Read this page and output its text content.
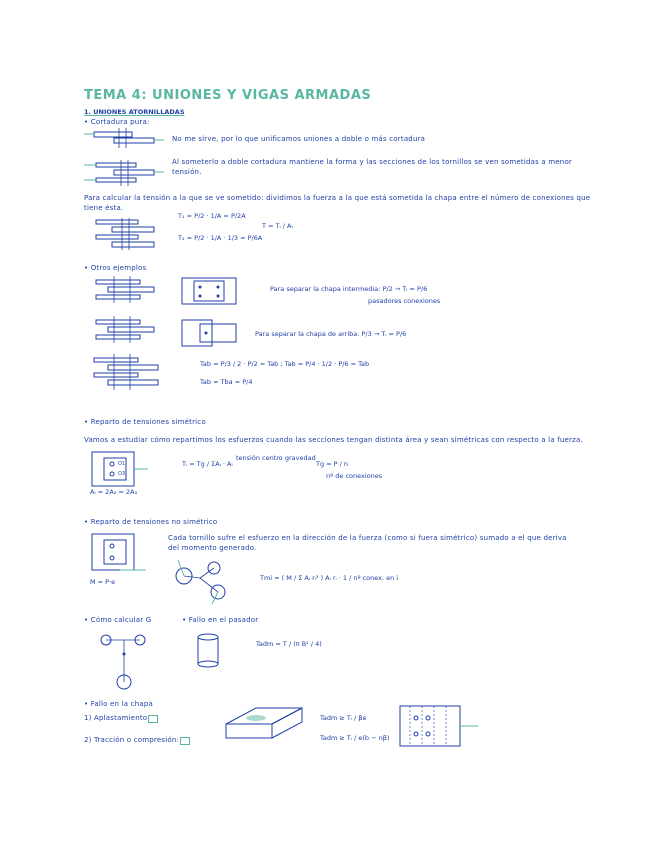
TEMA 4: UNIONES Y VIGAS ARMADAS
1. UNIONES ATORNILLADAS
• Cortadura pura:
No me sirve, por lo que unificamos uniones a doble o más cortadura
Al someterlo a doble cortadura mantiene la forma y las secciones de los tornillos se ven sometidas a menor
tensión.
Para calcular la tensión a la que se ve sometido: dividimos la fuerza a la que está sometida la chapa entre el número de conexiones que
tiene ésta.
T₁ = P/2 · 1/A = P/2A
T₂ = P/2 · 1/A · 1/3 = P/6A
T = Tᵢ / Aᵢ
• Otros ejemplos
Para separar la chapa intermedia: P/2 → Tᵢ = P/6
pasadores conexiones
Para separar la chapa de arriba: P/3 → Tᵢ = P/6
Tab = P/3 / 2 · P/2 = Tab ; Tab = P/4 · 1/2 · P/6 = Tab
Tab = Tba = P/4
• Reparto de tensiones simétrico
Vamos a estudiar cómo repartimos los esfuerzos cuando las secciones tengan distinta área y sean simétricas con respecto a la fuerza.
O1
O3
Aᵢ = 2A₂ = 2A₃
Tᵢ = Tg / ΣAᵢ · Aᵢ
tensión centro gravedad
Tg = P / n
nº de conexiones
• Reparto de tensiones no simétrico
M = P·e
Cada tornillo sufre el esfuerzo en la dirección de la fuerza (como si fuera simétrico) sumado a el que deriva
del momento generado.
Tmi = ( M / Σ Aᵢ rᵢ² ) Aᵢ rᵢ · 1 / nº conex. en i
• Cómo calcular G	• Fallo en el pasador
Tadm = T / (π B² / 4)
• Fallo en la chapa
1) Aplastamiento:
2) Tracción o compresión:
Tadm ≥ Tᵢ / βe
Tadm ≥ Tᵢ / e(b − nβ)
